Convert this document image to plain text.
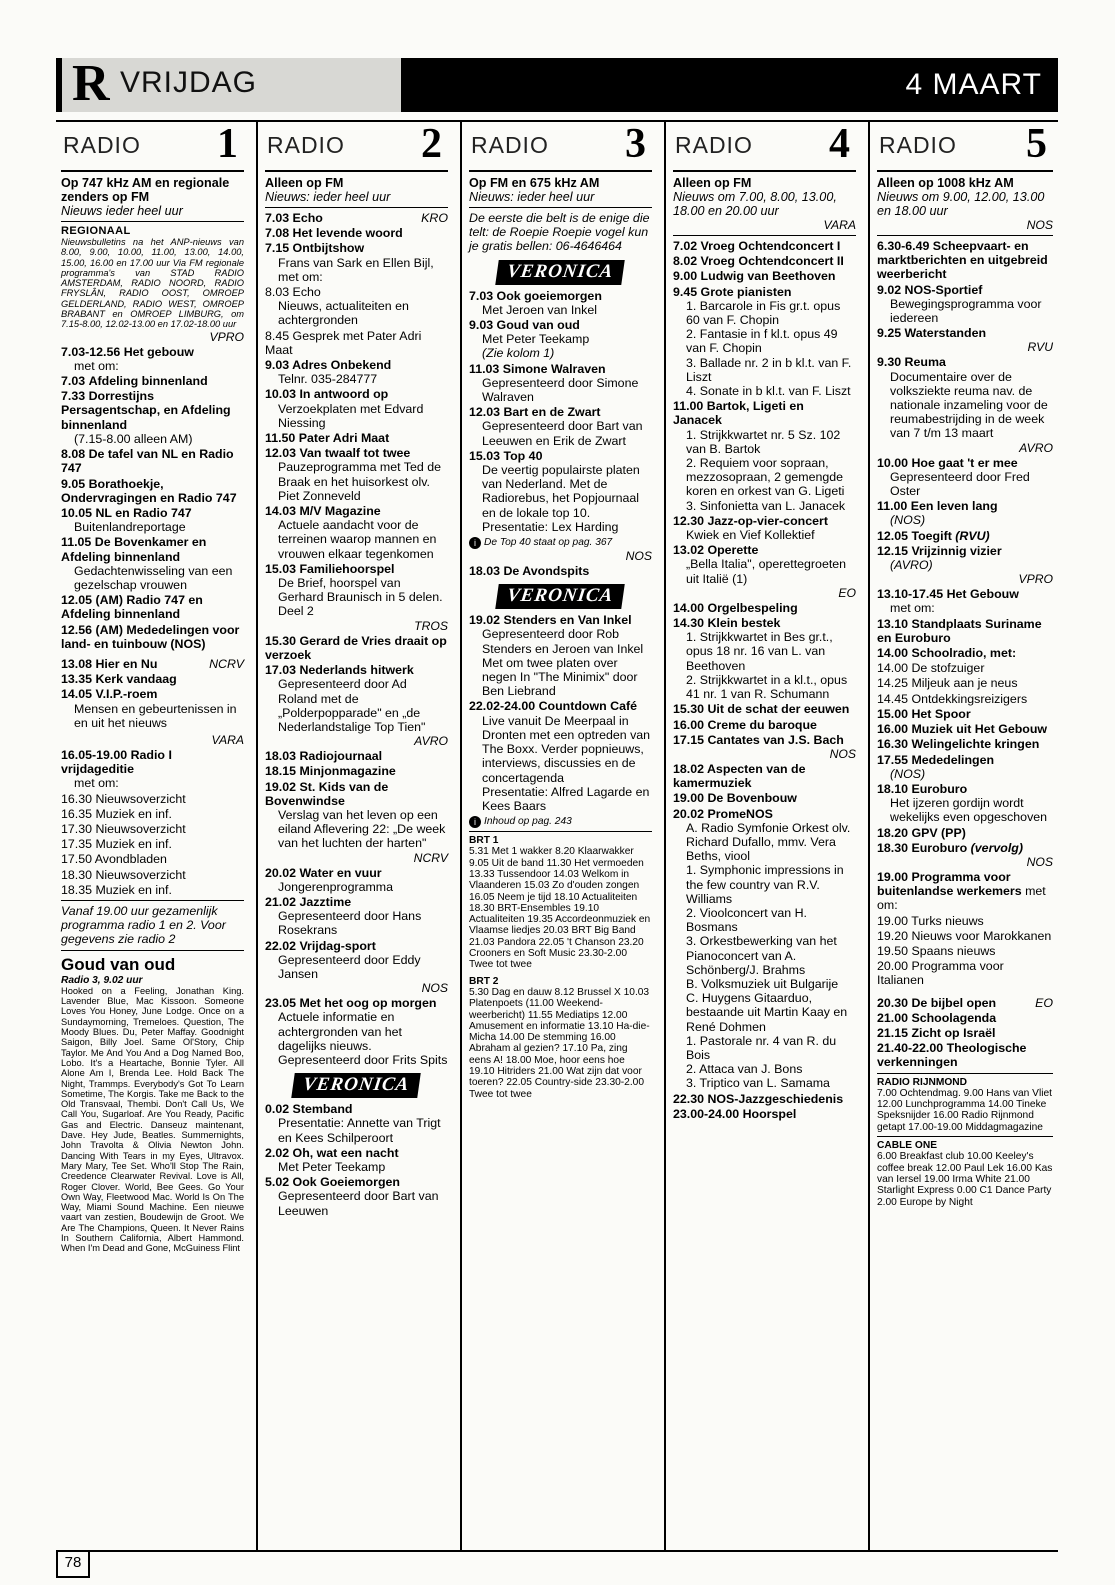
R VRIJDAG	4 MAART
RADIO 1
Op 747 kHz AM en regionale zenders op FM
Nieuws ieder heel uur
REGIONAAL
Nieuwsbulletins na het ANP-nieuws van 8.00, 9.00, 10.00, 11.00, 13.00, 14.00, 15.00, 16.00 en 17.00 uur Via FM regionale programma's van STAD RADIO AMSTERDAM, RADIO NOORD, RADIO FRYSLÂN, RADIO OOST, OMROEP GELDERLAND, RADIO WEST, OMROEP BRABANT en OMROEP LIMBURG, om 7.15-8.00, 12.02-13.00 en 17.02-18.00 uur
VPRO
7.03-12.56 Het gebouw
met om:
7.03 Afdeling binnenland
7.33 Dorrestijns Persagentschap, en Afdeling binnenland
(7.15-8.00 alleen AM)
8.08 De tafel van NL en Radio 747
9.05 Borathoekje, Ondervragingen en Radio 747
10.05 NL en Radio 747
Buitenlandreportage
11.05 De Bovenkamer en Afdeling binnenland
Gedachtenwisseling van een gezelschap vrouwen
12.05 (AM) Radio 747 en Afdeling binnenland
12.56 (AM) Mededelingen voor land- en tuinbouw (NOS)
13.08 Hier en Nu	NCRV
13.35 Kerk vandaag
14.05 V.I.P.-roem
Mensen en gebeurtenissen in en uit het nieuws
VARA
16.05-19.00 Radio I vrijdageditie
met om:
16.30 Nieuwsoverzicht
16.35 Muziek en inf.
17.30 Nieuwsoverzicht
17.35 Muziek en inf.
17.50 Avondbladen
18.30 Nieuwsoverzicht
18.35 Muziek en inf.
Vanaf 19.00 uur gezamenlijk programma radio 1 en 2. Voor gegevens zie radio 2
Goud van oud
Radio 3, 9.02 uur
Hooked on a Feeling, Jonathan King. Lavender Blue, Mac Kissoon. Someone Loves You Honey, June Lodge. Once on a Sundaymorning, Tremeloes. Question, The Moody Blues. Du, Peter Maffay. Goodnight Saigon, Billy Joel. Same Ol'Story, Chip Taylor. Me And You And a Dog Named Boo, Lobo. It's a Heartache, Bonnie Tyler. All Alone Am I, Brenda Lee. Hold Back The Night, Trammps. Everybody's Got To Learn Sometime, The Korgis. Take me Back to the Old Transvaal, Thembi. Don't Call Us, We Call You, Sugarloaf. Are You Ready, Pacific Gas and Electric. Danseuz maintenant, Dave. Hey Jude, Beatles. Summernights, John Travolta & Olivia Newton John. Dancing With Tears in my Eyes, Ultravox. Mary Mary, Tee Set. Who'll Stop The Rain, Creedence Clearwater Revival. Love is All, Roger Clover. World, Bee Gees. Go Your Own Way, Fleetwood Mac. World Is On The Way, Miami Sound Machine. Een nieuwe vaart van zestien, Boudewijn de Groot. We Are The Champions, Queen. It Never Rains In Southern California, Albert Hammond. When I'm Dead and Gone, McGuiness Flint
RADIO 2
Alleen op FM
Nieuws: ieder heel uur
7.03 Echo	KRO
7.08 Het levende woord
7.15 Ontbijtshow
Frans van Sark en Ellen Bijl, met om:
8.03 Echo
Nieuws, actualiteiten en achtergronden
8.45 Gesprek met Pater Adri Maat
9.03 Adres Onbekend
Telnr. 035-284777
10.03 In antwoord op
Verzoekplaten met Edvard Niessing
11.50 Pater Adri Maat
12.03 Van twaalf tot twee
Pauzeprogramma met Ted de Braak en het huisorkest olv. Piet Zonneveld
14.03 M/V Magazine
Actuele aandacht voor de terreinen waarop mannen en vrouwen elkaar tegenkomen
15.03 Familiehoorspel
De Brief, hoorspel van Gerhard Braunisch in 5 delen. Deel 2
TROS
15.30 Gerard de Vries draait op verzoek
17.03 Nederlands hitwerk
Gepresenteerd door Ad Roland met de „Polderpopparade" en „de Nederlandstalige Top Tien"
AVRO
18.03 Radiojournaal
18.15 Minjonmagazine
19.02 St. Kids van de Bovenwindse
Verslag van het leven op een eiland Aflevering 22: „De week van het luchten der harten"
NCRV
20.02 Water en vuur
Jongerenprogramma
21.02 Jazztime
Gepresenteerd door Hans Rosekrans
22.02 Vrijdag-sport
Gepresenteerd door Eddy Jansen
NOS
23.05 Met het oog op morgen
Actuele informatie en achtergronden van het dagelijks nieuws. Gepresenteerd door Frits Spits
VERONICA
0.02 Stemband
Presentatie: Annette van Trigt en Kees Schilperoort
2.02 Oh, wat een nacht
Met Peter Teekamp
5.02 Ook Goeiemorgen
Gepresenteerd door Bart van Leeuwen
RADIO 3
Op FM en 675 kHz AM
Nieuws: ieder heel uur
De eerste die belt is de enige die telt: de Roepie Roepie vogel kun je gratis bellen: 06-4646464
VERONICA
7.03 Ook goeiemorgen
Met Jeroen van Inkel
9.03 Goud van oud
Met Peter Teekamp
(Zie kolom 1)
11.03 Simone Walraven
Gepresenteerd door Simone Walraven
12.03 Bart en de Zwart
Gepresenteerd door Bart van Leeuwen en Erik de Zwart
15.03 Top 40
De veertig populairste platen van Nederland. Met de Radiorebus, het Popjournaal en de lokale top 10. Presentatie: Lex Harding
i De Top 40 staat op pag. 367
NOS
18.03 De Avondspits
VERONICA
19.02 Stenders en Van Inkel
Gepresenteerd door Rob Stenders en Jeroen van Inkel
Met om twee platen over negen In "The Minimix" door Ben Liebrand
22.02-24.00 Countdown Café
Live vanuit De Meerpaal in Dronten met een optreden van The Boxx. Verder popnieuws, interviews, discussies en de concertagenda
Presentatie: Alfred Lagarde en Kees Baars
i Inhoud op pag. 243
BRT 1
5.31 Met 1 wakker 8.20 Klaarwakker 9.05 Uit de band 11.30 Het vermoeden 13.33 Tussendoor 14.03 Welkom in Vlaanderen 15.03 Zo d'ouden zongen 16.05 Neem je tijd 18.10 Actualiteiten 18.30 BRT-Ensembles 19.10 Actualiteiten 19.35 Accordeonmuziek en Vlaamse liedjes 20.03 BRT Big Band 21.03 Pandora 22.05 't Chanson 23.20 Crooners en Soft Music 23.30-2.00 Twee tot twee
BRT 2
5.30 Dag en dauw 8.12 Brussel X 10.03 Platenpoets (11.00 Weekend-weerbericht) 11.55 Mediatips 12.00 Amusement en informatie 13.10 Ha-die-Micha 14.00 De stemming 16.00 Abraham al gezien? 17.10 Pa, zing eens A! 18.00 Moe, hoor eens hoe 19.10 Hitriders 21.00 Wat zijn dat voor toeren? 22.05 Country-side 23.30-2.00 Twee tot twee
RADIO 4
Alleen op FM
Nieuws om 7.00, 8.00, 13.00, 18.00 en 20.00 uur
VARA
7.02 Vroeg Ochtendconcert I
8.02 Vroeg Ochtendconcert II
9.00 Ludwig van Beethoven
9.45 Grote pianisten
1. Barcarole in Fis gr.t. opus 60 van F. Chopin
2. Fantasie in f kl.t. opus 49 van F. Chopin
3. Ballade nr. 2 in b kl.t. van F. Liszt
4. Sonate in b kl.t. van F. Liszt
11.00 Bartok, Ligeti en Janacek
1. Strijkkwartet nr. 5 Sz. 102 van B. Bartok
2. Requiem voor sopraan, mezzosopraan, 2 gemengde koren en orkest van G. Ligeti
3. Sinfonietta van L. Janacek
12.30 Jazz-op-vier-concert
Kwiek en Vief Kollektief
13.02 Operette
„Bella Italia", operettegroeten uit Italië (1)
EO
14.00 Orgelbespeling
14.30 Klein bestek
1. Strijkkwartet in Bes gr.t., opus 18 nr. 16 van L. van Beethoven
2. Strijkkwartet in a kl.t., opus 41 nr. 1 van R. Schumann
15.30 Uit de schat der eeuwen
16.00 Creme du baroque
17.15 Cantates van J.S. Bach
NOS
18.02 Aspecten van de kamermuziek
19.00 De Bovenbouw
20.02 PromeNOS
A. Radio Symfonie Orkest olv. Richard Dufallo, mmv. Vera Beths, viool
1. Symphonic impressions in the few country van R.V. Williams
2. Vioolconcert van H. Bosmans
3. Orkestbewerking van het Pianoconcert van A. Schönberg/J. Brahms
B. Volksmuziek uit Bulgarije
C. Huygens Gitaarduo, bestaande uit Martin Kaay en René Dohmen
1. Pastorale nr. 4 van R. du Bois
2. Attaca van J. Bons
3. Triptico van L. Samama
22.30 NOS-Jazzgeschiedenis
23.00-24.00 Hoorspel
RADIO 5
Alleen op 1008 kHz AM
Nieuws om 9.00, 12.00, 13.00 en 18.00 uur
NOS
6.30-6.49 Scheepvaart- en marktberichten en uitgebreid weerbericht
9.02 NOS-Sportief
Bewegingsprogramma voor iedereen
9.25 Waterstanden
RVU
9.30 Reuma
Documentaire over de volksziekte reuma nav. de nationale inzameling voor de reumabestrijding in de week van 7 t/m 13 maart
AVRO
10.00 Hoe gaat 't er mee
Gepresenteerd door Fred Oster
11.00 Een leven lang
(NOS)
12.05 Toegift (RVU)
12.15 Vrijzinnig vizier
(AVRO)
VPRO
13.10-17.45 Het Gebouw
met om:
13.10 Standplaats Suriname en Euroburo
14.00 Schoolradio, met:
14.00 De stofzuiger
14.25 Miljeuk aan je neus
14.45 Ontdekkingsreizigers
15.00 Het Spoor
16.00 Muziek uit Het Gebouw
16.30 Welingelichte kringen
17.55 Mededelingen
(NOS)
18.10 Euroburo
Het ijzeren gordijn wordt wekelijks even opgeschoven
18.20 GPV (PP)
18.30 Euroburo (vervolg)
NOS
19.00 Programma voor buitenlandse werkemers met om:
19.00 Turks nieuws
19.20 Nieuws voor Marokkanen
19.50 Spaans nieuws
20.00 Programma voor Italianen
20.30 De bijbel open	EO
21.00 Schoolagenda
21.15 Zicht op Israël
21.40-22.00 Theologische verkenningen
RADIO RIJNMOND
7.00 Ochtendmag. 9.00 Hans van Vliet 12.00 Lunchprogramma 14.00 Tineke Speksnijder 16.00 Radio Rijnmond getapt 17.00-19.00 Middagmagazine
CABLE ONE
6.00 Breakfast club 10.00 Keeley's coffee break 12.00 Paul Lek 16.00 Kas van Iersel 19.00 Irma White 21.00 Starlight Express 0.00 C1 Dance Party 2.00 Europe by Night
78
